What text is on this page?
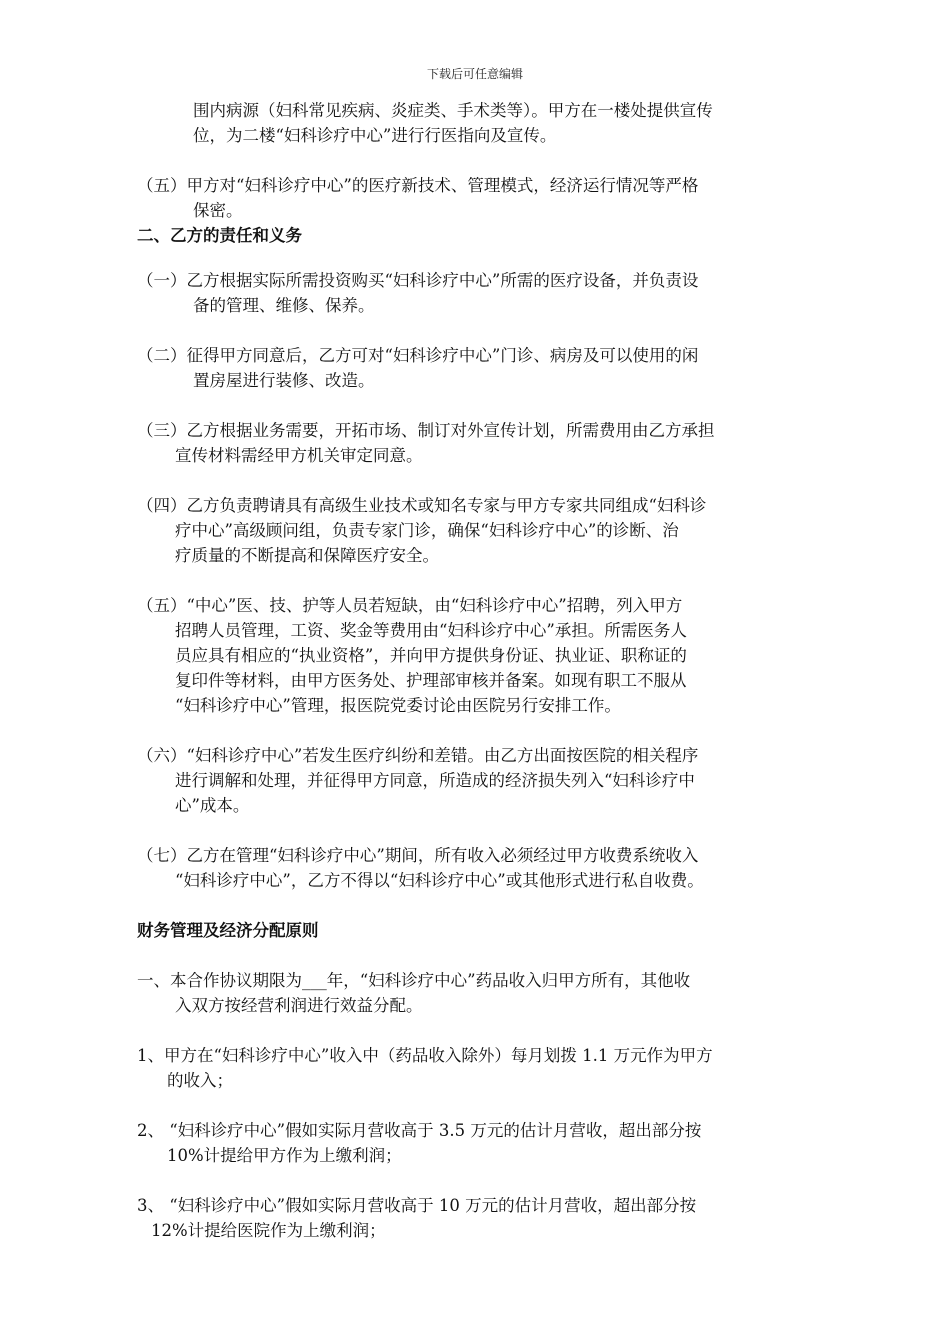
下载后可任意编辑
围内病源（妇科常见疾病、炎症类、手术类等）。甲方在一楼处提供宣传
位，为二楼“妇科诊疗中心”进行行医指向及宣传。
（五）甲方对“妇科诊疗中心”的医疗新技术、管理模式，经济运行情况等严格
保密。
二、乙方的责任和义务
（一）乙方根据实际所需投资购买“妇科诊疗中心”所需的医疗设备，并负责设
备的管理、维修、保养。
（二）征得甲方同意后，乙方可对“妇科诊疗中心”门诊、病房及可以使用的闲
置房屋进行装修、改造。
（三）乙方根据业务需要，开拓市场、制订对外宣传计划，所需费用由乙方承担
宣传材料需经甲方机关审定同意。
（四）乙方负责聘请具有高级生业技术或知名专家与甲方专家共同组成“妇科诊
疗中心”高级顾问组，负责专家门诊，确保“妇科诊疗中心”的诊断、治
疗质量的不断提高和保障医疗安全。
（五）“中心”医、技、护等人员若短缺，由“妇科诊疗中心”招聘，列入甲方
招聘人员管理，工资、奖金等费用由“妇科诊疗中心”承担。所需医务人
员应具有相应的“执业资格”，并向甲方提供身份证、执业证、职称证的
复印件等材料，由甲方医务处、护理部审核并备案。如现有职工不服从
“妇科诊疗中心”管理，报医院党委讨论由医院另行安排工作。
（六）“妇科诊疗中心”若发生医疗纠纷和差错。由乙方出面按医院的相关程序
进行调解和处理，并征得甲方同意，所造成的经济损失列入“妇科诊疗中
心”成本。
（七）乙方在管理“妇科诊疗中心”期间，所有收入必须经过甲方收费系统收入
“妇科诊疗中心”，乙方不得以“妇科诊疗中心”或其他形式进行私自收费。
财务管理及经济分配原则
一、本合作协议期限为___年，“妇科诊疗中心”药品收入归甲方所有，其他收
入双方按经营利润进行效益分配。
1、甲方在“妇科诊疗中心”收入中（药品收入除外）每月划拨 1.1 万元作为甲方
的收入；
2、 “妇科诊疗中心”假如实际月营收高于 3.5 万元的估计月营收，超出部分按
10%计提给甲方作为上缴利润；
3、 “妇科诊疗中心”假如实际月营收高于 10 万元的估计月营收，超出部分按
12%计提给医院作为上缴利润；
